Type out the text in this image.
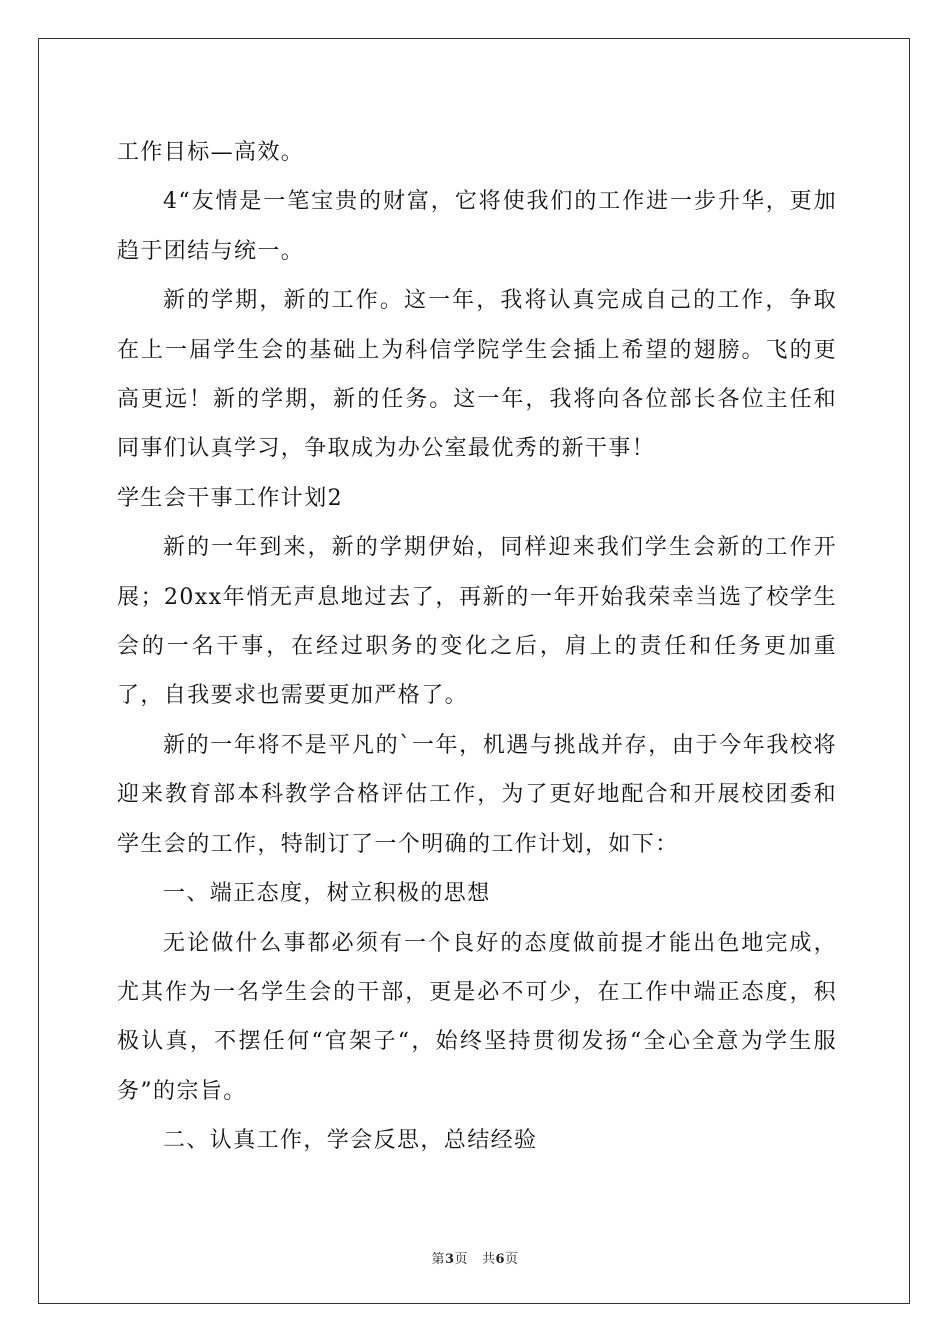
工作目标—高效。

4“友情是一笔宝贵的财富，它将使我们的工作进一步升华，更加趋于团结与统一。

新的学期，新的工作。这一年，我将认真完成自己的工作，争取在上一届学生会的基础上为科信学院学生会插上希望的翅膀。飞的更高更远！新的学期，新的任务。这一年，我将向各位部长各位主任和同事们认真学习，争取成为办公室最优秀的新干事！

学生会干事工作计划2

新的一年到来，新的学期伊始，同样迎来我们学生会新的工作开展；20xx年悄无声息地过去了，再新的一年开始我荣幸当选了校学生会的一名干事，在经过职务的变化之后，肩上的责任和任务更加重了，自我要求也需要更加严格了。

新的一年将不是平凡的`一年，机遇与挑战并存，由于今年我校将迎来教育部本科教学合格评估工作，为了更好地配合和开展校团委和学生会的工作，特制订了一个明确的工作计划，如下：

一、端正态度，树立积极的思想

无论做什么事都必须有一个良好的态度做前提才能出色地完成，尤其作为一名学生会的干部，更是必不可少，在工作中端正态度，积极认真，不摆任何“官架子“，始终坚持贯彻发扬“全心全意为学生服务”的宗旨。

二、认真工作，学会反思，总结经验

第3页 共6页
